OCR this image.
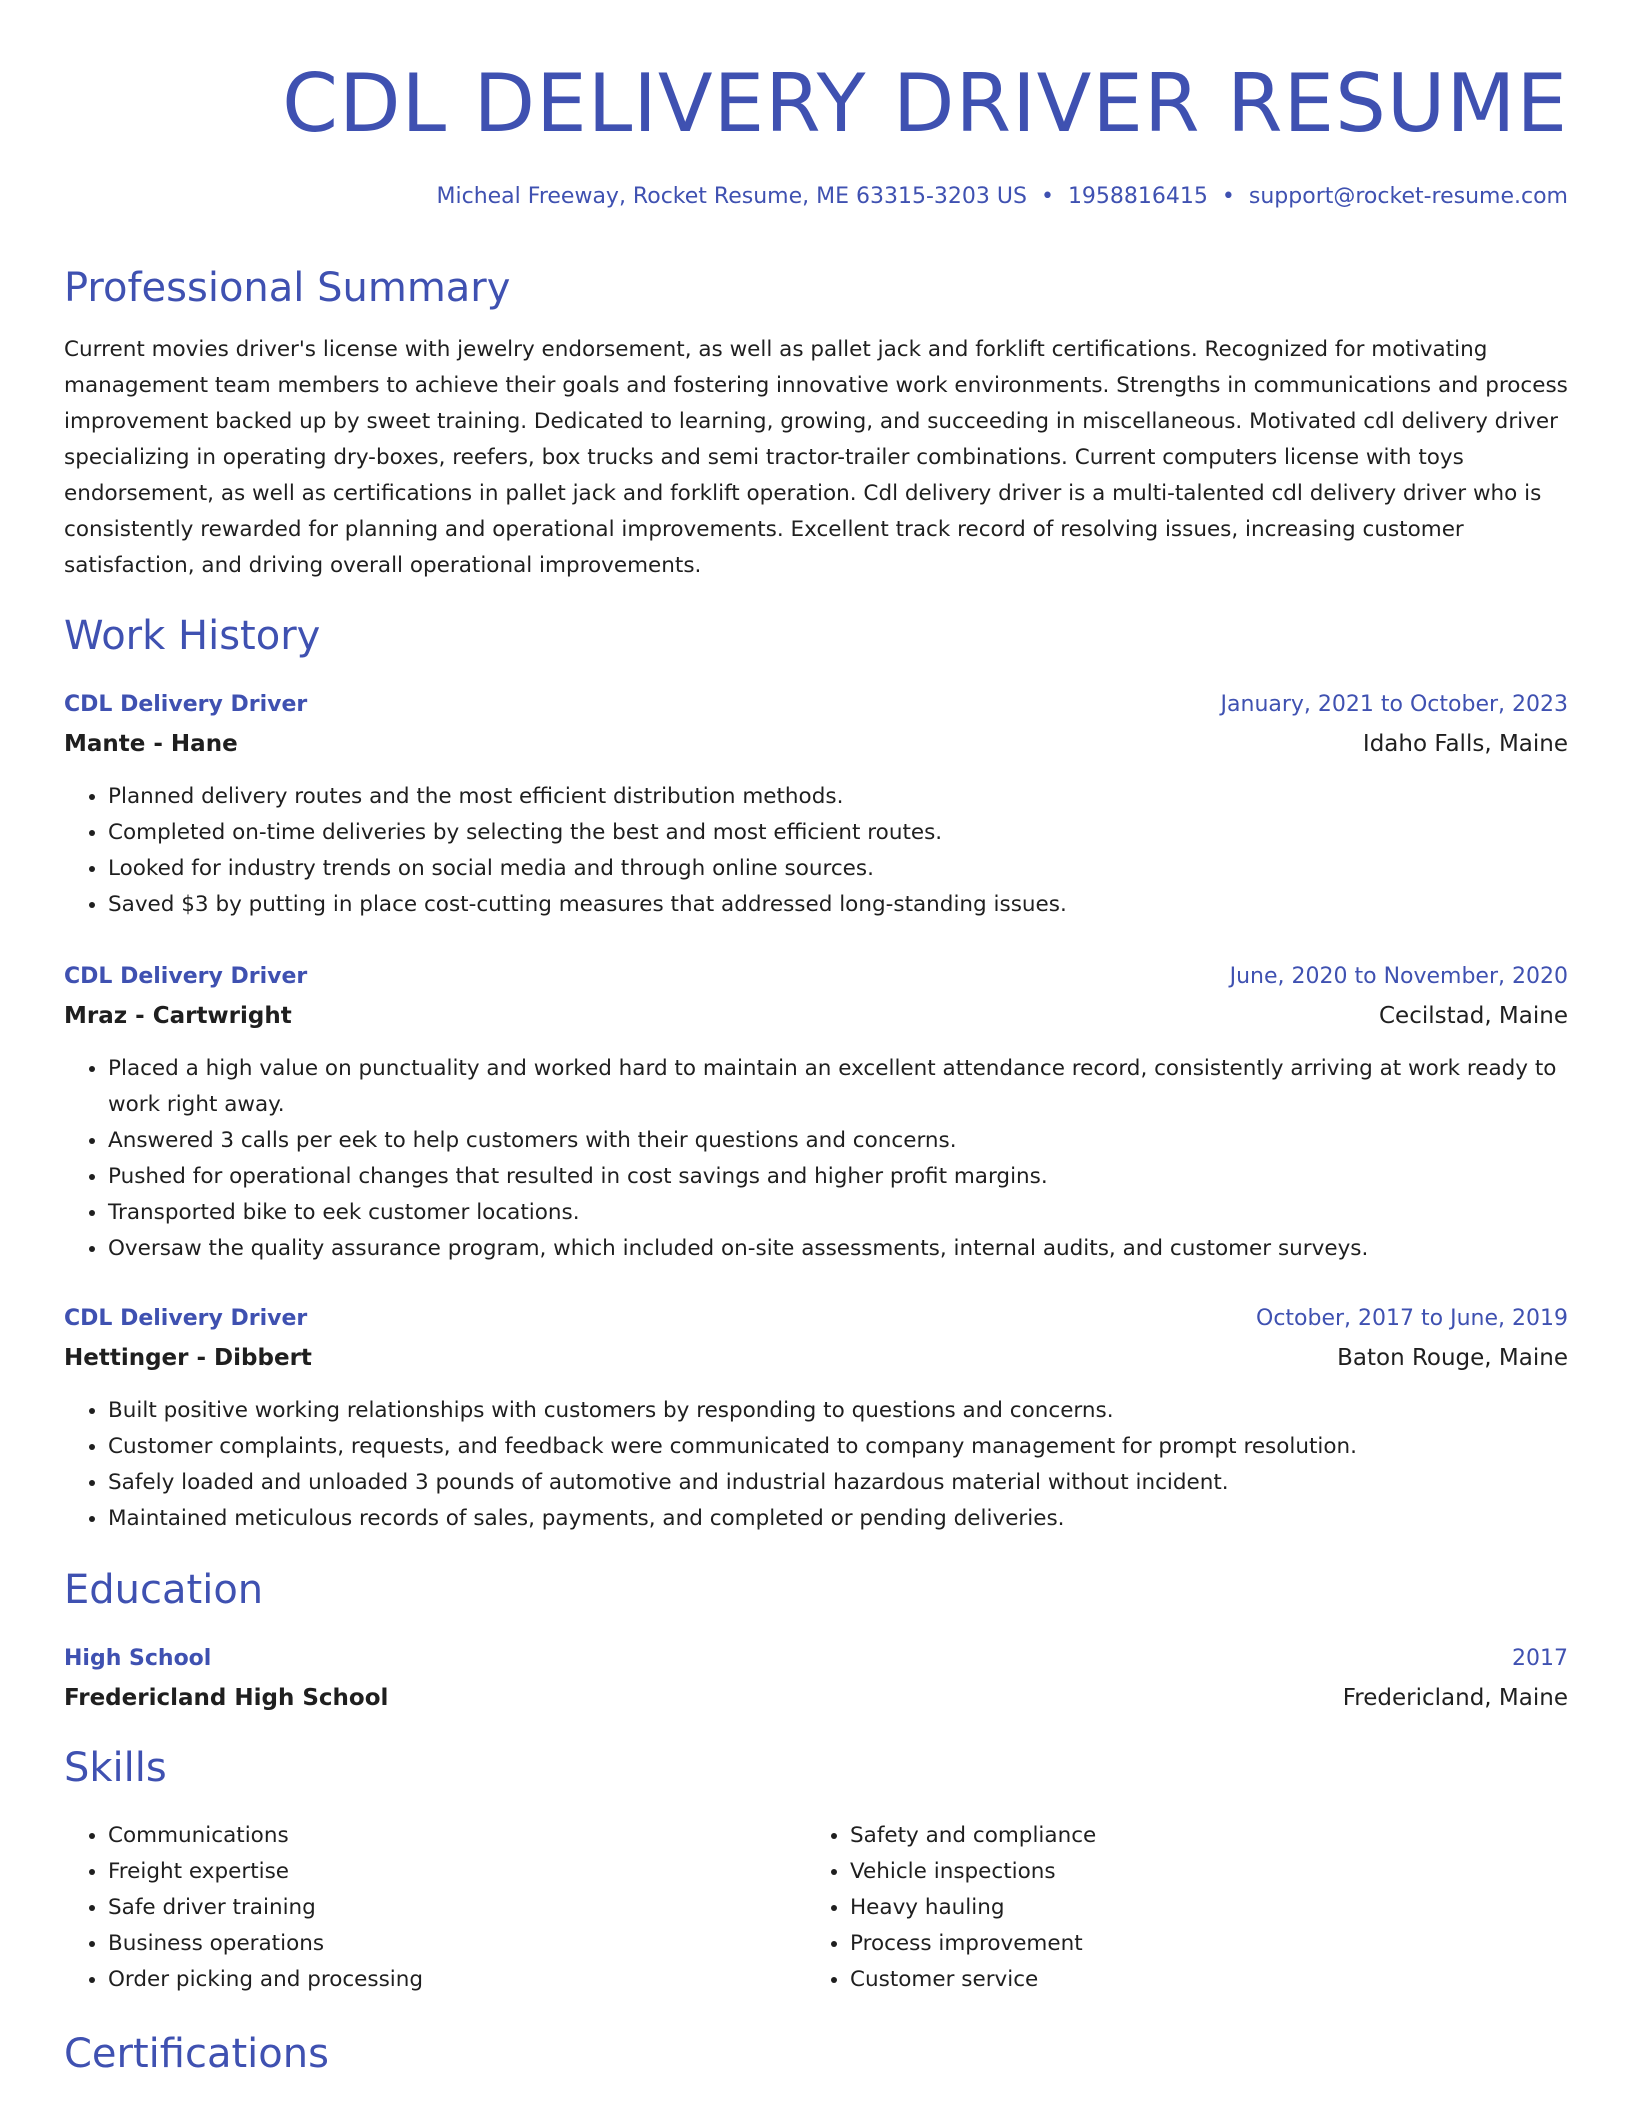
CDL DELIVERY DRIVER RESUME
Micheal Freeway, Rocket Resume, ME 63315-3203 US • 1958816415 • support@rocket-resume.com
Professional Summary

Current movies driver's license with jewelry endorsement, as well as pallet jack and forklift certifications. Recognized for motivating management team members to achieve their goals and fostering innovative work environments. Strengths in communications and process improvement backed up by sweet training. Dedicated to learning, growing, and succeeding in miscellaneous. Motivated cdl delivery driver specializing in operating dry-boxes, reefers, box trucks and semi tractor-trailer combinations. Current computers license with toys endorsement, as well as certifications in pallet jack and forklift operation. Cdl delivery driver is a multi-talented cdl delivery driver who is consistently rewarded for planning and operational improvements. Excellent track record of resolving issues, increasing customer satisfaction, and driving overall operational improvements.

Work History
CDL Delivery Driver	January, 2021 to October, 2023
Mante - Hane	Idaho Falls, Maine
• Planned delivery routes and the most efficient distribution methods.
• Completed on-time deliveries by selecting the best and most efficient routes.
• Looked for industry trends on social media and through online sources.
• Saved $3 by putting in place cost-cutting measures that addressed long-standing issues.
CDL Delivery Driver	June, 2020 to November, 2020
Mraz - Cartwright	Cecilstad, Maine
• Placed a high value on punctuality and worked hard to maintain an excellent attendance record, consistently arriving at work ready to work right away.
• Answered 3 calls per eek to help customers with their questions and concerns.
• Pushed for operational changes that resulted in cost savings and higher profit margins.
• Transported bike to eek customer locations.
• Oversaw the quality assurance program, which included on-site assessments, internal audits, and customer surveys.
CDL Delivery Driver	October, 2017 to June, 2019
Hettinger - Dibbert	Baton Rouge, Maine
• Built positive working relationships with customers by responding to questions and concerns.
• Customer complaints, requests, and feedback were communicated to company management for prompt resolution.
• Safely loaded and unloaded 3 pounds of automotive and industrial hazardous material without incident.
• Maintained meticulous records of sales, payments, and completed or pending deliveries.
Education
High School	2017
Fredericland High School	Fredericland, Maine
Skills
• Communications
• Freight expertise
• Safe driver training
• Business operations
• Order picking and processing
• Safety and compliance
• Vehicle inspections
• Heavy hauling
• Process improvement
• Customer service
Certifications
